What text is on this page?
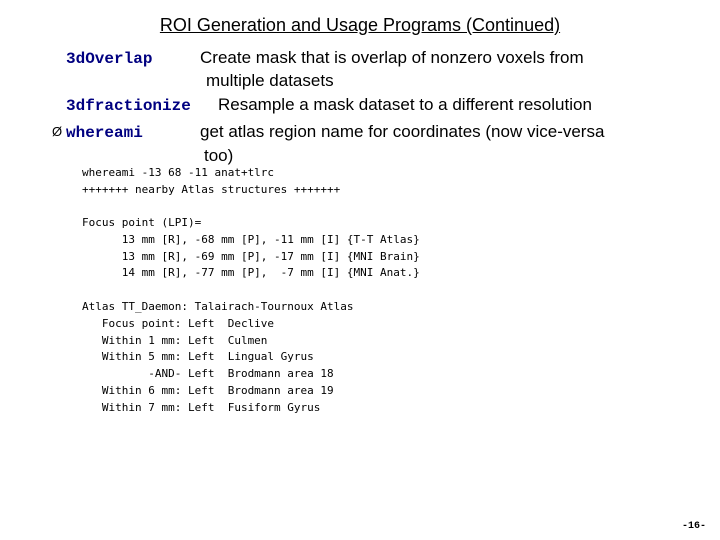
ROI Generation and Usage Programs (Continued)
3dOverlap	Create mask that is overlap of nonzero voxels from
multiple datasets
3dfractionize Resample a mask dataset to a different resolution
Ø whereami	get atlas region name for coordinates (now vice-versa
too)
whereami -13 68 -11 anat+tlrc
+++++++ nearby Atlas structures +++++++
Focus point (LPI)=
13 mm [R], -68 mm [P], -11 mm [I] {T-T Atlas}
13 mm [R], -69 mm [P], -17 mm [I] {MNI Brain}
14 mm [R], -77 mm [P],  -7 mm [I] {MNI Anat.}
Atlas TT_Daemon: Talairach-Tournoux Atlas
Focus point: Left  Declive
Within 1 mm: Left  Culmen
Within 5 mm: Left  Lingual Gyrus
-AND- Left  Brodmann area 18
Within 6 mm: Left  Brodmann area 19
Within 7 mm: Left  Fusiform Gyrus
-16-
